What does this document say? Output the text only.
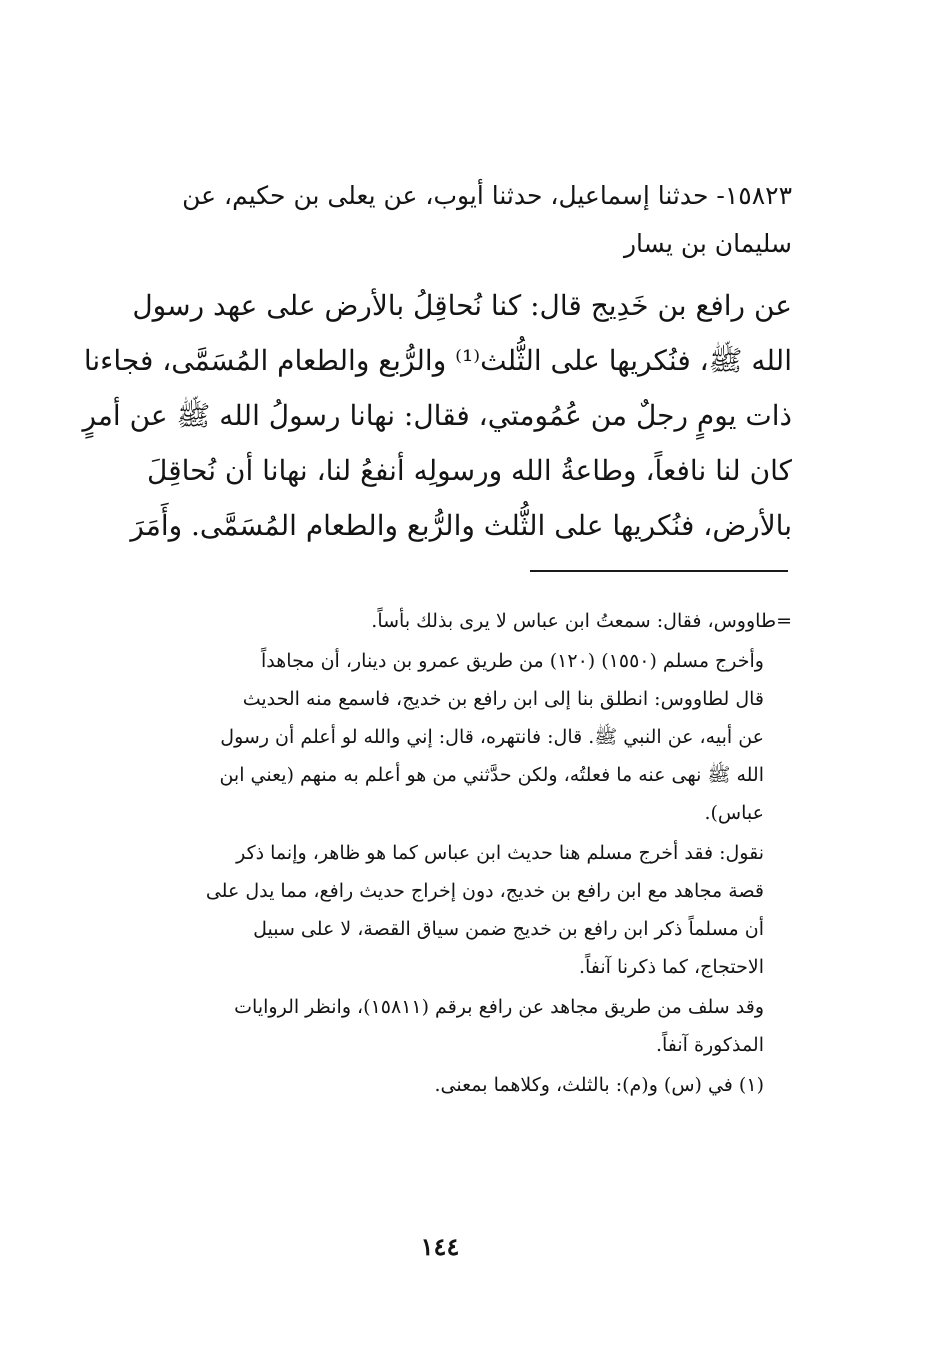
١٥٨٢٣- حدثنا إسماعيل، حدثنا أيوب، عن يعلى بن حكيم، عن
سليمان بن يسار
عن رافع بن خَدِيج قال: كنا نُحاقِلُ بالأرض على عهد رسول
الله ﷺ، فنُكريها على الثُّلث⁽¹⁾ والرُّبع والطعام المُسَمَّى، فجاءنا
ذات يومٍ رجلٌ من عُمُومتي، فقال: نهانا رسولُ الله ﷺ عن أمرٍ
كان لنا نافعاً، وطاعةُ الله ورسولِه أنفعُ لنا، نهانا أن نُحاقِلَ
بالأرض، فنُكريها على الثُّلث والرُّبع والطعام المُسَمَّى. وأَمَرَ

=طاووس، فقال: سمعتُ ابن عباس لا يرى بذلك بأساً.

وأخرج مسلم (١٥٥٠) (١٢٠) من طريق عمرو بن دينار، أن مجاهداً
قال لطاووس: انطلق بنا إلى ابن رافع بن خديج، فاسمع منه الحديث
عن أبيه، عن النبي ﷺ. قال: فانتهره، قال: إني والله لو أعلم أن رسول
الله ﷺ نهى عنه ما فعلتُه، ولكن حدَّثني من هو أعلم به منهم (يعني ابن
عباس).

نقول: فقد أخرج مسلم هنا حديث ابن عباس كما هو ظاهر، وإنما ذكر
قصة مجاهد مع ابن رافع بن خديج، دون إخراج حديث رافع، مما يدل على
أن مسلماً ذكر ابن رافع بن خديج ضمن سياق القصة، لا على سبيل
الاحتجاج، كما ذكرنا آنفاً.

وقد سلف من طريق مجاهد عن رافع برقم (١٥٨١١)، وانظر الروايات
المذكورة آنفاً.

(١) في (س) و(م): بالثلث، وكلاهما بمعنى.

١٤٤
